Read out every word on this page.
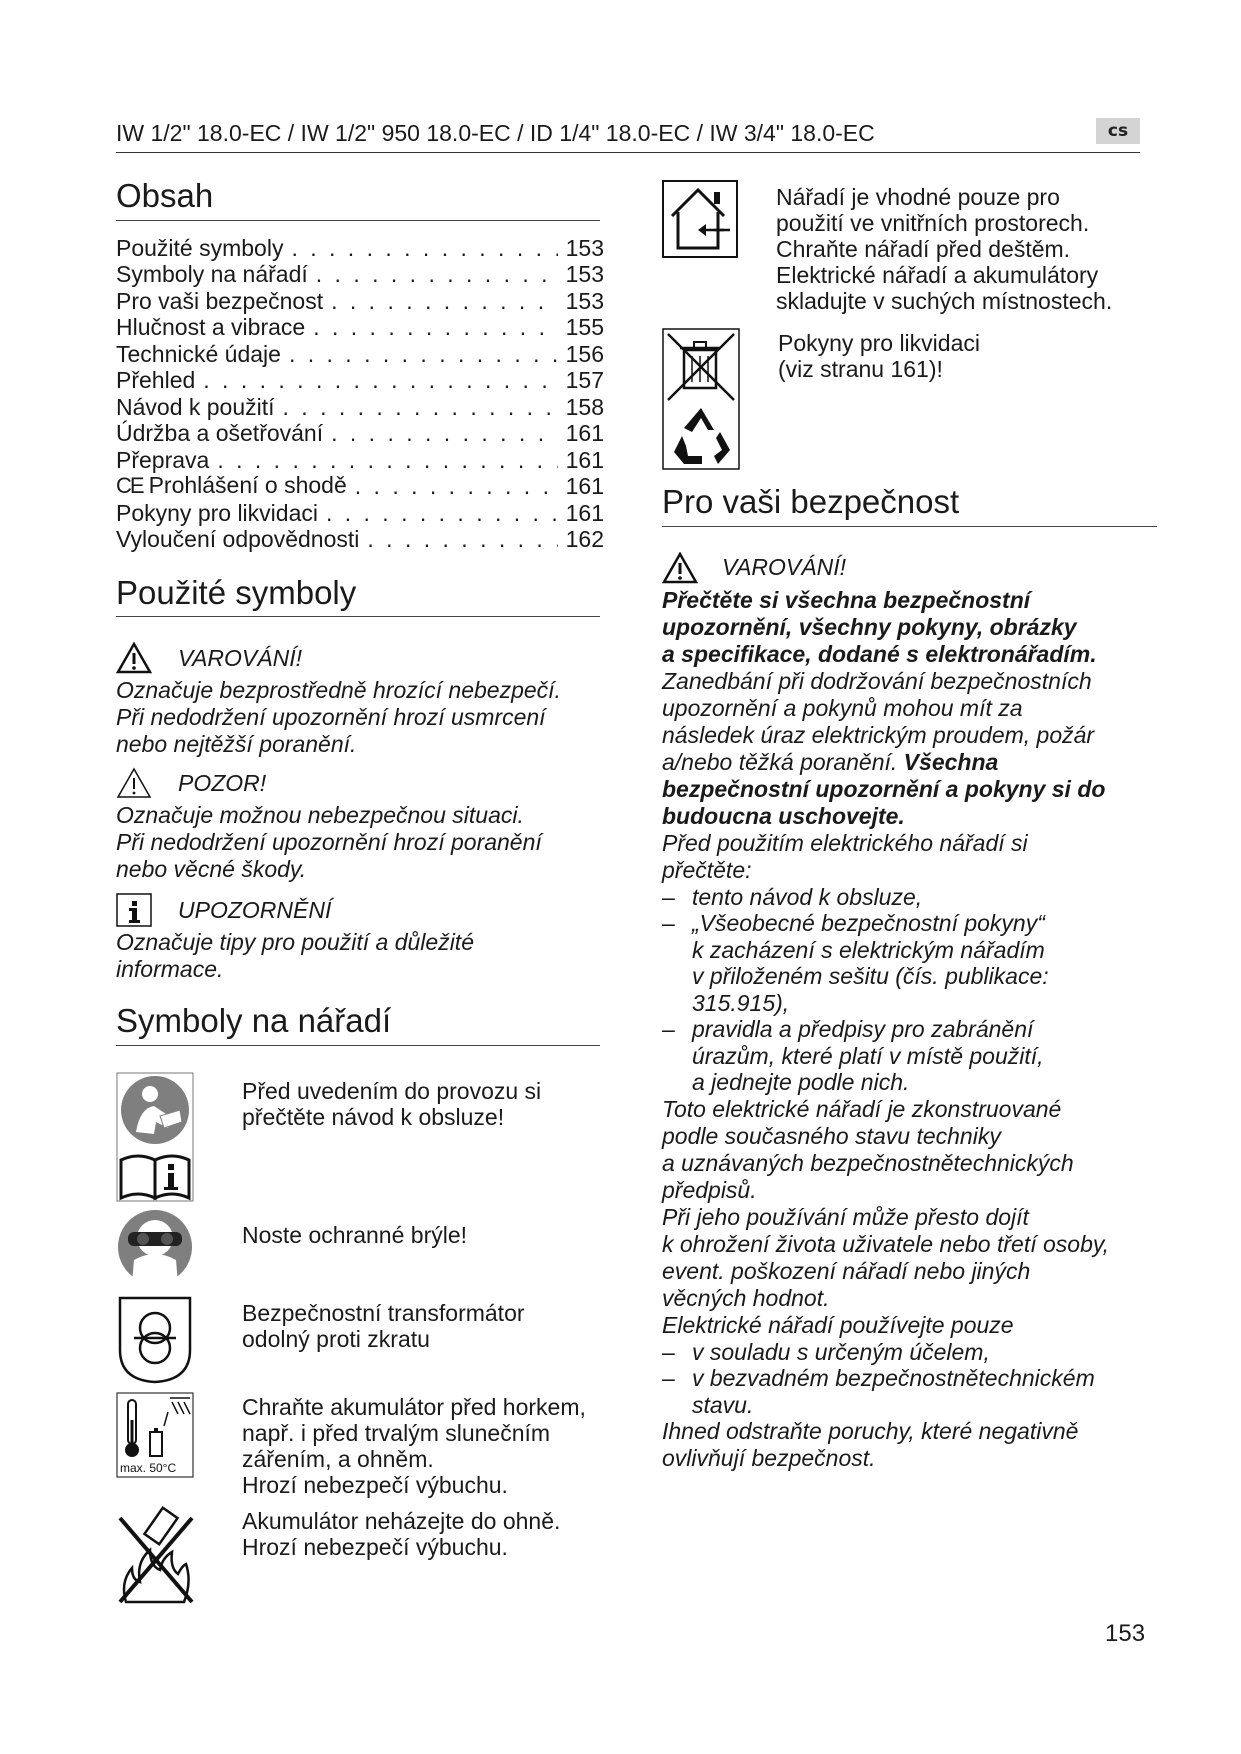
IW 1/2" 18.0-EC / IW 1/2" 950 18.0-EC / ID 1/4" 18.0-EC / IW 3/4" 18.0-EC	cs
Obsah
Použité symboly . . .	153
Symboly na nářadí . . .	153
Pro vaši bezpečnost . . .	153
Hlučnost a vibrace . . .	155
Technické údaje . . .	156
Přehled . . .	157
Návod k použití . . .	158
Údržba a ošetřování . . .	161
Přeprava . . .	161
CE Prohlášení o shodě . . .	161
Pokyny pro likvidaci . . .	161
Vyloučení odpovědnosti . . .	162
Použité symboly
VAROVÁNÍ!
Označuje bezprostředně hrozící nebezpečí.
Při nedodržení upozornění hrozí usmrcení
nebo nejtěžší poranění.
POZOR!
Označuje možnou nebezpečnou situaci.
Při nedodržení upozornění hrozí poranění
nebo věcné škody.
UPOZORNĚNÍ
Označuje tipy pro použití a důležité
informace.
Symboly na nářadí
Před uvedením do provozu si
přečtěte návod k obsluze!
Noste ochranné brýle!
Bezpečnostní transformátor
odolný proti zkratu
max. 50°C
Chraňte akumulátor před horkem,
např. i před trvalým slunečním
zářením, a ohněm.
Hrozí nebezpečí výbuchu.
Akumulátor neházejte do ohně.
Hrozí nebezpečí výbuchu.
Nářadí je vhodné pouze pro
použití ve vnitřních prostorech.
Chraňte nářadí před deštěm.
Elektrické nářadí a akumulátory
skladujte v suchých místnostech.
Pokyny pro likvidaci
(viz stranu 161)!
Pro vaši bezpečnost
VAROVÁNÍ!
Přečtěte si všechna bezpečnostní
upozornění, všechny pokyny, obrázky
a specifikace, dodané s elektronářadím.
Zanedbání při dodržování bezpečnostních
upozornění a pokynů mohou mít za
následek úraz elektrickým proudem, požár
a/nebo těžká poranění. Všechna
bezpečnostní upozornění a pokyny si do
budoucna uschovejte.
Před použitím elektrického nářadí si
přečtěte:
– tento návod k obsluze,
– „Všeobecné bezpečnostní pokyny“
k zacházení s elektrickým nářadím
v přiloženém sešitu (čís. publikace:
315.915),
– pravidla a předpisy pro zabránění
úrazům, které platí v místě použití,
a jednejte podle nich.
Toto elektrické nářadí je zkonstruované
podle současného stavu techniky
a uznávaných bezpečnostnětechnických
předpisů.
Při jeho používání může přesto dojít
k ohrožení života uživatele nebo třetí osoby,
event. poškození nářadí nebo jiných
věcných hodnot.
Elektrické nářadí používejte pouze
– v souladu s určeným účelem,
– v bezvadném bezpečnostnětechnickém
stavu.
Ihned odstraňte poruchy, které negativně
ovlivňují bezpečnost.
153
